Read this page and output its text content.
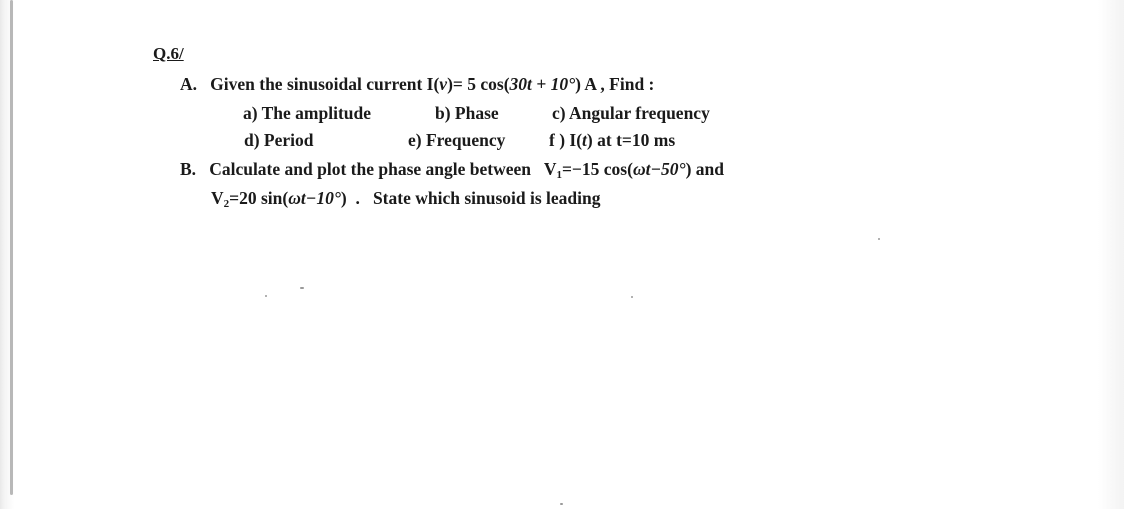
Q.6/
A. Given the sinusoidal current I(v)= 5 cos(30t + 10°) A , Find :
a) The amplitude	b) Phase	c) Angular frequency
d) Period	e) Frequency f ) I(t) at t=10 ms
B. Calculate and plot the phase angle between $V_1=-15$ cos(ωt−50°) and
$V_2=20$ sin(ωt−10°) . State which sinusoid is leading
